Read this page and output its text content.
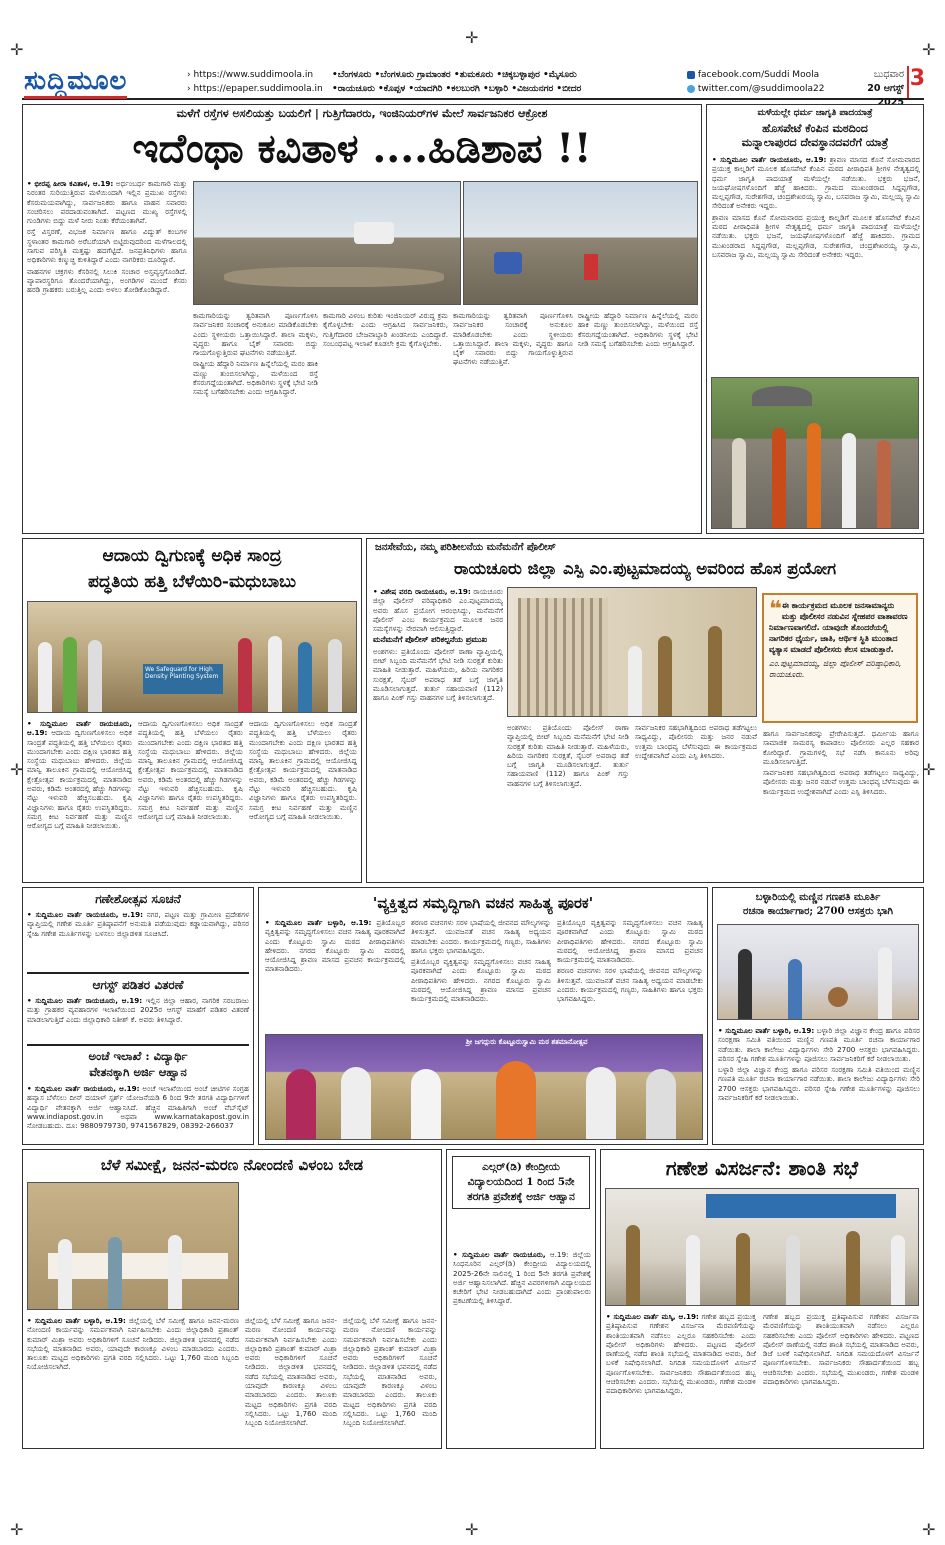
✛	✛
✛
✛	✛
✛	✛	✛
ಸುದ್ದಿಮೂಲ	› https://www.suddimoola.in
› https://epaper.suddimoola.in
•ಬೆಂಗಳೂರು •ಬೆಂಗಳೂರು ಗ್ರಾಮಾಂತರ •ತುಮಕೂರು •ಚಿಕ್ಕಬಳ್ಳಾಪುರ •ಮೈಸೂರು
•ರಾಯಚೂರು •ಕೊಪ್ಪಳ •ಯಾದಗಿರಿ •ಕಲಬುರಗಿ •ಬಳ್ಳಾರಿ •ವಿಜಯನಗರ •ಬೀದರ
facebook.com/Suddi Moola
twitter.com/@suddimoola22
ಬುಧವಾರ
20 ಆಗಸ್ಟ್ 2025
3
ಮಳೆಗೆ ರಸ್ತೆಗಳ ಅಸಲಿಯತ್ತು ಬಯಲಿಗೆ | ಗುತ್ತಿಗೆದಾರರು, ಇಂಜಿನಿಯರ್‌ಗಳ ಮೇಲೆ ಸಾರ್ವಜನಿಕರ ಆಕ್ರೋಶ
ಇದೆಂಥಾ ಕವಿತಾಳ ....ಹಿಡಿಶಾಪ !!

• ಭೀರಪ್ಪ ಹೀರಾ ಕವಿತಾಳ, ಆ.19: ಅರ್ಧಂಬರ್ಧ ಕಾಮಗಾರಿ ಮತ್ತು ನಿರಂತರ ಸುರಿಯುತ್ತಿರುವ ಮಳೆಯಿಂದಾಗಿ ಇಲ್ಲಿನ ಪ್ರಮುಖ ರಸ್ತೆಗಳು ಕೆಸರುಮಯವಾಗಿದ್ದು, ಸಾರ್ವಜನಿಕರು ಹಾಗೂ ವಾಹನ ಸವಾರರು ಸಂಚರಿಸಲು ಪರದಾಡುವಂತಾಗಿದೆ. ಪಟ್ಟಣದ ಮುಖ್ಯ ರಸ್ತೆಗಳಲ್ಲಿ ಗುಂಡಿಗಳು ಬಿದ್ದು ಮಳೆ ನೀರು ನಿಂತು ಕೆರೆಯಂತಾಗಿವೆ.

ರಸ್ತೆ ವಿಸ್ತರಣೆ, ವಿಭಜಕ ನಿರ್ಮಾಣ ಹಾಗೂ ವಿದ್ಯುತ್ ಕಂಬಗಳ ಸ್ಥಳಾಂತರ ಕಾಮಗಾರಿ ಅರೆಬರೆಯಾಗಿ ಬಿಟ್ಟಿರುವುದರಿಂದ ಮಳೆಗಾಲದಲ್ಲಿ ಸಾಗುವ ಪರಿಸ್ಥಿತಿ ಮತ್ತಷ್ಟು ಹದಗೆಟ್ಟಿದೆ. ಜನಪ್ರತಿನಿಧಿಗಳು ಹಾಗೂ ಅಧಿಕಾರಿಗಳು ಕಣ್ಮುಚ್ಚಿ ಕುಳಿತಿದ್ದಾರೆ ಎಂದು ನಾಗರಿಕರು ದೂರಿದ್ದಾರೆ.

ವಾಹನಗಳ ಚಕ್ರಗಳು ಕೆಸರಿನಲ್ಲಿ ಸಿಲುಕಿ ಸಂಚಾರ ಅಸ್ತವ್ಯಸ್ತಗೊಂಡಿದೆ. ವ್ಯಾಪಾರಸ್ಥರಿಗೂ ತೊಂದರೆಯಾಗಿದ್ದು, ಅಂಗಡಿಗಳ ಮುಂದೆ ಕೆಸರು ಹರಡಿ ಗ್ರಾಹಕರು ಬರುತ್ತಿಲ್ಲ ಎಂದು ಅಳಲು ತೋಡಿಕೊಂಡಿದ್ದಾರೆ.

ಕಾಮಗಾರಿಯನ್ನು ತ್ವರಿತವಾಗಿ ಪೂರ್ಣಗೊಳಿಸಿ ಸಾರ್ವಜನಿಕರ ಸಂಚಾರಕ್ಕೆ ಅನುಕೂಲ ಮಾಡಿಕೊಡಬೇಕು ಎಂದು ಸ್ಥಳೀಯರು ಒತ್ತಾಯಿಸಿದ್ದಾರೆ. ಶಾಲಾ ಮಕ್ಕಳು, ವೃದ್ಧರು ಹಾಗೂ ಬೈಕ್ ಸವಾರರು ಬಿದ್ದು ಗಾಯಗೊಳ್ಳುತ್ತಿರುವ ಘಟನೆಗಳು ನಡೆಯುತ್ತಿವೆ.

ರಾಷ್ಟ್ರೀಯ ಹೆದ್ದಾರಿ ನಿರ್ಮಾಣ ಹಿನ್ನೆಲೆಯಲ್ಲಿ ಮರಂ ಹಾಕಿ ಮಣ್ಣು ತುಂಬಿಸಲಾಗಿದ್ದು, ಮಳೆಯಿಂದ ರಸ್ತೆ ಕೆಸರುಗದ್ದೆಯಂತಾಗಿದೆ. ಅಧಿಕಾರಿಗಳು ಸ್ಥಳಕ್ಕೆ ಭೇಟಿ ನೀಡಿ ಸಮಸ್ಯೆ ಬಗೆಹರಿಸಬೇಕು ಎಂದು ಆಗ್ರಹಿಸಿದ್ದಾರೆ.

ಕಾಮಗಾರಿ ವಿಳಂಬ ಕುರಿತು ಇಂಜಿನಿಯರ್ ವಿರುದ್ಧ ಕ್ರಮ ಕೈಗೊಳ್ಳಬೇಕು ಎಂದು ಆಗ್ರಹಿಸಿದ ಸಾರ್ವಜನಿಕರು, ಗುತ್ತಿಗೆದಾರರ ಬೇಜವಾಬ್ದಾರಿ ಖಂಡನೀಯ ಎಂದಿದ್ದಾರೆ. ಸಂಬಂಧಪಟ್ಟ ಇಲಾಖೆ ಕೂಡಲೇ ಕ್ರಮ ಕೈಗೊಳ್ಳಬೇಕು.

ಕಾಮಗಾರಿಯನ್ನು ತ್ವರಿತವಾಗಿ ಪೂರ್ಣಗೊಳಿಸಿ ಸಾರ್ವಜನಿಕರ ಸಂಚಾರಕ್ಕೆ ಅನುಕೂಲ ಮಾಡಿಕೊಡಬೇಕು ಎಂದು ಸ್ಥಳೀಯರು ಒತ್ತಾಯಿಸಿದ್ದಾರೆ. ಶಾಲಾ ಮಕ್ಕಳು, ವೃದ್ಧರು ಹಾಗೂ ಬೈಕ್ ಸವಾರರು ಬಿದ್ದು ಗಾಯಗೊಳ್ಳುತ್ತಿರುವ ಘಟನೆಗಳು ನಡೆಯುತ್ತಿವೆ.

ರಾಷ್ಟ್ರೀಯ ಹೆದ್ದಾರಿ ನಿರ್ಮಾಣ ಹಿನ್ನೆಲೆಯಲ್ಲಿ ಮರಂ ಹಾಕಿ ಮಣ್ಣು ತುಂಬಿಸಲಾಗಿದ್ದು, ಮಳೆಯಿಂದ ರಸ್ತೆ ಕೆಸರುಗದ್ದೆಯಂತಾಗಿದೆ. ಅಧಿಕಾರಿಗಳು ಸ್ಥಳಕ್ಕೆ ಭೇಟಿ ನೀಡಿ ಸಮಸ್ಯೆ ಬಗೆಹರಿಸಬೇಕು ಎಂದು ಆಗ್ರಹಿಸಿದ್ದಾರೆ.

ಮಳೆಯಲ್ಲೇ ಧರ್ಮ ಜಾಗೃತಿ ಪಾದಯಾತ್ರೆ
ಹೊಸಪೇಟೆ ಕೆಂಪಿನ ಮಠದಿಂದ
ಮನ್ನಾಲಾಪುರದ ದೇವಸ್ಥಾನದವರೆಗೆ ಯಾತ್ರೆ

• ಸುದ್ದಿಮೂಲ ವಾರ್ತೆ ರಾಯಚೂರು, ಆ.19: ಶ್ರಾವಣ ಮಾಸದ ಕೊನೆ ಸೋಮವಾರದ ಪ್ರಯುಕ್ತ ಕಾಲ್ನಡಿಗೆ ಮೂಲಕ ಹೊಸಪೇಟೆ ಕೆಂಪಿನ ಮಠದ ಪೀಠಾಧಿಪತಿ ಶ್ರೀಗಳ ನೇತೃತ್ವದಲ್ಲಿ ಧರ್ಮ ಜಾಗೃತಿ ಪಾದಯಾತ್ರೆ ಮಳೆಯಲ್ಲೇ ನಡೆಯಿತು. ಭಕ್ತರು ಭಜನೆ, ಜಯಘೋಷಗಳೊಂದಿಗೆ ಹೆಜ್ಜೆ ಹಾಕಿದರು. ಗ್ರಾಮದ ಮುಖಂಡರಾದ ಸಿದ್ದಪ್ಪಗೌಡ, ಮಲ್ಲಪ್ಪಗೌಡ, ಸುರೇಶಗೌಡ, ಚಂದ್ರಶೇಖರಯ್ಯ ಸ್ವಾಮಿ, ಬಸವರಾಜ ಸ್ವಾಮಿ, ಮಲ್ಲಯ್ಯ ಸ್ವಾಮಿ ಸೇರಿದಂತೆ ಅನೇಕರು ಇದ್ದರು.

ಶ್ರಾವಣ ಮಾಸದ ಕೊನೆ ಸೋಮವಾರದ ಪ್ರಯುಕ್ತ ಕಾಲ್ನಡಿಗೆ ಮೂಲಕ ಹೊಸಪೇಟೆ ಕೆಂಪಿನ ಮಠದ ಪೀಠಾಧಿಪತಿ ಶ್ರೀಗಳ ನೇತೃತ್ವದಲ್ಲಿ ಧರ್ಮ ಜಾಗೃತಿ ಪಾದಯಾತ್ರೆ ಮಳೆಯಲ್ಲೇ ನಡೆಯಿತು. ಭಕ್ತರು ಭಜನೆ, ಜಯಘೋಷಗಳೊಂದಿಗೆ ಹೆಜ್ಜೆ ಹಾಕಿದರು. ಗ್ರಾಮದ ಮುಖಂಡರಾದ ಸಿದ್ದಪ್ಪಗೌಡ, ಮಲ್ಲಪ್ಪಗೌಡ, ಸುರೇಶಗೌಡ, ಚಂದ್ರಶೇಖರಯ್ಯ ಸ್ವಾಮಿ, ಬಸವರಾಜ ಸ್ವಾಮಿ, ಮಲ್ಲಯ್ಯ ಸ್ವಾಮಿ ಸೇರಿದಂತೆ ಅನೇಕರು ಇದ್ದರು.

ಆದಾಯ ದ್ವಿಗುಣಕ್ಕೆ ಅಧಿಕ ಸಾಂದ್ರ
ಪದ್ಧತಿಯ ಹತ್ತಿ ಬೆಳೆಯಿರಿ-ಮಧುಬಾಬು
We Safeguard for High Density Planting System

• ಸುದ್ದಿಮೂಲ ವಾರ್ತೆ ರಾಯಚೂರು, ಆ.19: ಆದಾಯ ದ್ವಿಗುಣಗೊಳಿಸಲು ಅಧಿಕ ಸಾಂದ್ರತೆ ಪದ್ಧತಿಯಲ್ಲಿ ಹತ್ತಿ ಬೆಳೆಯಲು ರೈತರು ಮುಂದಾಗಬೇಕು ಎಂದು ದಕ್ಷಿಣ ಭಾರತದ ಹತ್ತಿ ಸಂಸ್ಥೆಯ ಮಧುಬಾಬು ಹೇಳಿದರು. ಜಿಲ್ಲೆಯ ಮಾನ್ವಿ ತಾಲೂಕಿನ ಗ್ರಾಮದಲ್ಲಿ ಆಯೋಜಿಸಿದ್ದ ಕ್ಷೇತ್ರೋತ್ಸವ ಕಾರ್ಯಕ್ರಮದಲ್ಲಿ ಮಾತನಾಡಿದ ಅವರು, ಕಡಿಮೆ ಅಂತರದಲ್ಲಿ ಹೆಚ್ಚು ಗಿಡಗಳನ್ನು ನೆಟ್ಟು ಇಳುವರಿ ಹೆಚ್ಚಿಸಬಹುದು. ಕೃಷಿ ವಿಜ್ಞಾನಿಗಳು ಹಾಗೂ ರೈತರು ಉಪಸ್ಥಿತರಿದ್ದರು. ಸಮಗ್ರ ಕೀಟ ನಿರ್ವಹಣೆ ಮತ್ತು ಮಣ್ಣಿನ ಆರೋಗ್ಯದ ಬಗ್ಗೆ ಮಾಹಿತಿ ನೀಡಲಾಯಿತು.

ಆದಾಯ ದ್ವಿಗುಣಗೊಳಿಸಲು ಅಧಿಕ ಸಾಂದ್ರತೆ ಪದ್ಧತಿಯಲ್ಲಿ ಹತ್ತಿ ಬೆಳೆಯಲು ರೈತರು ಮುಂದಾಗಬೇಕು ಎಂದು ದಕ್ಷಿಣ ಭಾರತದ ಹತ್ತಿ ಸಂಸ್ಥೆಯ ಮಧುಬಾಬು ಹೇಳಿದರು. ಜಿಲ್ಲೆಯ ಮಾನ್ವಿ ತಾಲೂಕಿನ ಗ್ರಾಮದಲ್ಲಿ ಆಯೋಜಿಸಿದ್ದ ಕ್ಷೇತ್ರೋತ್ಸವ ಕಾರ್ಯಕ್ರಮದಲ್ಲಿ ಮಾತನಾಡಿದ ಅವರು, ಕಡಿಮೆ ಅಂತರದಲ್ಲಿ ಹೆಚ್ಚು ಗಿಡಗಳನ್ನು ನೆಟ್ಟು ಇಳುವರಿ ಹೆಚ್ಚಿಸಬಹುದು. ಕೃಷಿ ವಿಜ್ಞಾನಿಗಳು ಹಾಗೂ ರೈತರು ಉಪಸ್ಥಿತರಿದ್ದರು. ಸಮಗ್ರ ಕೀಟ ನಿರ್ವಹಣೆ ಮತ್ತು ಮಣ್ಣಿನ ಆರೋಗ್ಯದ ಬಗ್ಗೆ ಮಾಹಿತಿ ನೀಡಲಾಯಿತು.

ಆದಾಯ ದ್ವಿಗುಣಗೊಳಿಸಲು ಅಧಿಕ ಸಾಂದ್ರತೆ ಪದ್ಧತಿಯಲ್ಲಿ ಹತ್ತಿ ಬೆಳೆಯಲು ರೈತರು ಮುಂದಾಗಬೇಕು ಎಂದು ದಕ್ಷಿಣ ಭಾರತದ ಹತ್ತಿ ಸಂಸ್ಥೆಯ ಮಧುಬಾಬು ಹೇಳಿದರು. ಜಿಲ್ಲೆಯ ಮಾನ್ವಿ ತಾಲೂಕಿನ ಗ್ರಾಮದಲ್ಲಿ ಆಯೋಜಿಸಿದ್ದ ಕ್ಷೇತ್ರೋತ್ಸವ ಕಾರ್ಯಕ್ರಮದಲ್ಲಿ ಮಾತನಾಡಿದ ಅವರು, ಕಡಿಮೆ ಅಂತರದಲ್ಲಿ ಹೆಚ್ಚು ಗಿಡಗಳನ್ನು ನೆಟ್ಟು ಇಳುವರಿ ಹೆಚ್ಚಿಸಬಹುದು. ಕೃಷಿ ವಿಜ್ಞಾನಿಗಳು ಹಾಗೂ ರೈತರು ಉಪಸ್ಥಿತರಿದ್ದರು. ಸಮಗ್ರ ಕೀಟ ನಿರ್ವಹಣೆ ಮತ್ತು ಮಣ್ಣಿನ ಆರೋಗ್ಯದ ಬಗ್ಗೆ ಮಾಹಿತಿ ನೀಡಲಾಯಿತು.

ಜನಸೇವೆಯ, ನಮ್ಮ ಪರಿಶೀಲನೆಯ ಮನೆಮನೆಗೆ ಪೊಲೀಸ್
ರಾಯಚೂರು ಜಿಲ್ಲಾ ಎಸ್ಪಿ ಎಂ.ಪುಟ್ಟಮಾದಯ್ಯ ಅವರಿಂದ ಹೊಸ ಪ್ರಯೋಗ

• ವಿಶೇಷ ವರದಿ ರಾಯಚೂರು, ಆ.19: ರಾಯಚೂರು ಜಿಲ್ಲಾ ಪೊಲೀಸ್ ವರಿಷ್ಠಾಧಿಕಾರಿ ಎಂ.ಪುಟ್ಟಮಾದಯ್ಯ ಅವರು ಹೊಸ ಪ್ರಯೋಗ ಆರಂಭಿಸಿದ್ದು, ಮನೆಮನೆಗೆ ಪೊಲೀಸ್ ಎಂಬ ಕಾರ್ಯಕ್ರಮದ ಮೂಲಕ ಜನರ ಸಮಸ್ಯೆಗಳನ್ನು ನೇರವಾಗಿ ಆಲಿಸುತ್ತಿದ್ದಾರೆ.

ಮನೆಮನೆಗೆ ಪೊಲೀಸ್ ಪರಿಕಲ್ಪನೆಯ ಪ್ರಮುಖ

ಅಂಶಗಳು: ಪ್ರತಿಯೊಂದು ಪೊಲೀಸ್ ಠಾಣಾ ವ್ಯಾಪ್ತಿಯಲ್ಲಿ ಬೀಟ್ ಸಿಬ್ಬಂದಿ ಮನೆಮನೆಗೆ ಭೇಟಿ ನೀಡಿ ಸುರಕ್ಷತೆ ಕುರಿತು ಮಾಹಿತಿ ನೀಡುತ್ತಾರೆ. ಮಹಿಳೆಯರು, ಹಿರಿಯ ನಾಗರಿಕರ ಸುರಕ್ಷತೆ, ಸೈಬರ್ ಅಪರಾಧ ತಡೆ ಬಗ್ಗೆ ಜಾಗೃತಿ ಮೂಡಿಸಲಾಗುತ್ತದೆ. ತುರ್ತು ಸಹಾಯವಾಣಿ (112) ಹಾಗೂ ಪಿಂಕ್ ಗಸ್ತು ವಾಹನಗಳ ಬಗ್ಗೆ ತಿಳಿಸಲಾಗುತ್ತದೆ.

❝ ಈ ಕಾರ್ಯಕ್ರಮದ ಮೂಲಕ ಜನಸಾಮಾನ್ಯರು ಮತ್ತು ಪೊಲೀಸರ ನಡುವಿನ ಸ್ನೇಹಪರ ವಾತಾವರಣ ನಿರ್ಮಾಣವಾಗಲಿದೆ. ಯಾವುದೇ ತೊಂದರೆಯಲ್ಲಿ ನಾಗರಿಕರ ಧೈರ್ಯ, ಜಾತಿ, ಆರ್ಥಿಕ ಸ್ಥಿತಿ ಮುಂತಾದ ವ್ಯತ್ಯಾಸ ಮಾಡದೆ ಪೊಲೀಸರು ಕೆಲಸ ಮಾಡುತ್ತಾರೆ.
ಎಂ.ಪುಟ್ಟಮಾದಯ್ಯ, ಜಿಲ್ಲಾ ಪೊಲೀಸ್ ವರಿಷ್ಠಾಧಿಕಾರಿ, ರಾಯಚೂರು.

ಅಂಶಗಳು: ಪ್ರತಿಯೊಂದು ಪೊಲೀಸ್ ಠಾಣಾ ವ್ಯಾಪ್ತಿಯಲ್ಲಿ ಬೀಟ್ ಸಿಬ್ಬಂದಿ ಮನೆಮನೆಗೆ ಭೇಟಿ ನೀಡಿ ಸುರಕ್ಷತೆ ಕುರಿತು ಮಾಹಿತಿ ನೀಡುತ್ತಾರೆ. ಮಹಿಳೆಯರು, ಹಿರಿಯ ನಾಗರಿಕರ ಸುರಕ್ಷತೆ, ಸೈಬರ್ ಅಪರಾಧ ತಡೆ ಬಗ್ಗೆ ಜಾಗೃತಿ ಮೂಡಿಸಲಾಗುತ್ತದೆ. ತುರ್ತು ಸಹಾಯವಾಣಿ (112) ಹಾಗೂ ಪಿಂಕ್ ಗಸ್ತು ವಾಹನಗಳ ಬಗ್ಗೆ ತಿಳಿಸಲಾಗುತ್ತದೆ.

ಸಾರ್ವಜನಿಕರ ಸಹಭಾಗಿತ್ವದಿಂದ ಅಪರಾಧ ತಡೆಗಟ್ಟಲು ಸಾಧ್ಯವಿದ್ದು, ಪೊಲೀಸರು ಮತ್ತು ಜನರ ನಡುವೆ ಉತ್ತಮ ಬಾಂಧವ್ಯ ಬೆಳೆಸುವುದು ಈ ಕಾರ್ಯಕ್ರಮದ ಉದ್ದೇಶವಾಗಿದೆ ಎಂದು ಎಸ್ಪಿ ತಿಳಿಸಿದರು.

ಹಾಗೂ ಸಾರ್ವಜನಿಕರನ್ನು ಪ್ರೇರೇಪಿಸುತ್ತದೆ. ಧರ್ಮೀಯ ಹಾಗೂ ಸಾಮಾಜಿಕ ಸಾಮರಸ್ಯ ಕಾಪಾಡಲು ಪೊಲೀಸರು ಎಲ್ಲರ ಸಹಕಾರ ಕೋರಿದ್ದಾರೆ. ಗ್ರಾಮಗಳಲ್ಲಿ ಸಭೆ ನಡೆಸಿ ಕಾನೂನು ಅರಿವು ಮೂಡಿಸಲಾಗುತ್ತಿದೆ.

ಸಾರ್ವಜನಿಕರ ಸಹಭಾಗಿತ್ವದಿಂದ ಅಪರಾಧ ತಡೆಗಟ್ಟಲು ಸಾಧ್ಯವಿದ್ದು, ಪೊಲೀಸರು ಮತ್ತು ಜನರ ನಡುವೆ ಉತ್ತಮ ಬಾಂಧವ್ಯ ಬೆಳೆಸುವುದು ಈ ಕಾರ್ಯಕ್ರಮದ ಉದ್ದೇಶವಾಗಿದೆ ಎಂದು ಎಸ್ಪಿ ತಿಳಿಸಿದರು.

ಗಣೇಶೋತ್ಸವ ಸೂಚನೆ

• ಸುದ್ದಿಮೂಲ ವಾರ್ತೆ ರಾಯಚೂರು, ಆ.19: ನಗರ, ಪಟ್ಟಣ ಮತ್ತು ಗ್ರಾಮೀಣ ಪ್ರದೇಶಗಳ ವ್ಯಾಪ್ತಿಯಲ್ಲಿ ಗಣೇಶ ಮೂರ್ತಿ ಪ್ರತಿಷ್ಠಾಪನೆಗೆ ಅನುಮತಿ ಪಡೆಯುವುದು ಕಡ್ಡಾಯವಾಗಿದ್ದು, ಪರಿಸರ ಸ್ನೇಹಿ ಗಣೇಶ ಮೂರ್ತಿಗಳನ್ನು ಬಳಸಲು ಜಿಲ್ಲಾಡಳಿತ ಸೂಚಿಸಿದೆ.

ಆಗಸ್ಟ್ ಪಡಿತರ ವಿತರಣೆ

• ಸುದ್ದಿಮೂಲ ವಾರ್ತೆ ರಾಯಚೂರು, ಆ.19: ಇಲ್ಲಿನ ಜಿಲ್ಲಾ ಆಹಾರ, ನಾಗರಿಕ ಸರಬರಾಜು ಮತ್ತು ಗ್ರಾಹಕರ ವ್ಯವಹಾರಗಳ ಇಲಾಖೆಯಿಂದ 2025ರ ಆಗಸ್ಟ್ ಮಾಹೆಗೆ ಪಡಿತರ ವಿತರಣೆ ಮಾಡಲಾಗುತ್ತಿದೆ ಎಂದು ಜಿಲ್ಲಾಧಿಕಾರಿ ನಿತೀಶ್ ಕೆ. ಅವರು ತಿಳಿಸಿದ್ದಾರೆ.

ಅಂಚೆ ಇಲಾಖೆ : ವಿದ್ಯಾರ್ಥಿ
ವೇತನಕ್ಕಾಗಿ ಅರ್ಜಿ ಆಹ್ವಾನ

• ಸುದ್ದಿಮೂಲ ವಾರ್ತೆ ರಾಯಚೂರು, ಆ.19: ಅಂಚೆ ಇಲಾಖೆಯಿಂದ ಅಂಚೆ ಚೀಟಿಗಳ ಸಂಗ್ರಹ ಹವ್ಯಾಸ ಬೆಳೆಸಲು ದೀನ್ ದಯಾಳ್ ಸ್ಪರ್ಶ್ ಯೋಜನೆಯಡಿ 6 ರಿಂದ 9ನೇ ತರಗತಿ ವಿದ್ಯಾರ್ಥಿಗಳಿಗೆ ವಿದ್ಯಾರ್ಥಿ ವೇತನಕ್ಕಾಗಿ ಅರ್ಜಿ ಆಹ್ವಾನಿಸಿದೆ. ಹೆಚ್ಚಿನ ಮಾಹಿತಿಗಾಗಿ ಅಂಚೆ ವೆಬ್‌ಸೈಟ್ www.indiapost.gov.in ಅಥವಾ www.karnatakapost.gov.in ನೋಡಬಹುದು. ದೂ: 9880979730, 9741567829, 08392-266037

'ವ್ಯಕ್ತಿತ್ವದ ಸಮೃದ್ಧಿಗಾಗಿ ವಚನ ಸಾಹಿತ್ಯ ಪೂರಕ'

• ಸುದ್ದಿಮೂಲ ವಾರ್ತೆ ಬಳ್ಳಾರಿ, ಆ.19: ಪ್ರತಿಯೊಬ್ಬರ ವ್ಯಕ್ತಿತ್ವವನ್ನು ಸಮೃದ್ಧಗೊಳಿಸಲು ವಚನ ಸಾಹಿತ್ಯ ಪೂರಕವಾಗಿದೆ ಎಂದು ಕೊಟ್ಟೂರು ಸ್ವಾಮಿ ಮಠದ ಪೀಠಾಧಿಪತಿಗಳು ಹೇಳಿದರು. ನಗರದ ಕೊಟ್ಟೂರು ಸ್ವಾಮಿ ಮಠದಲ್ಲಿ ಆಯೋಜಿಸಿದ್ದ ಶ್ರಾವಣ ಮಾಸದ ಪ್ರವಚನ ಕಾರ್ಯಕ್ರಮದಲ್ಲಿ ಮಾತನಾಡಿದರು.

ಶರಣರ ವಚನಗಳು ಸರಳ ಭಾಷೆಯಲ್ಲಿ ಜೀವನದ ಮೌಲ್ಯಗಳನ್ನು ತಿಳಿಸುತ್ತವೆ. ಯುವಜನತೆ ವಚನ ಸಾಹಿತ್ಯ ಅಧ್ಯಯನ ಮಾಡಬೇಕು ಎಂದರು. ಕಾರ್ಯಕ್ರಮದಲ್ಲಿ ಗಣ್ಯರು, ಸಾಹಿತಿಗಳು ಹಾಗೂ ಭಕ್ತರು ಭಾಗವಹಿಸಿದ್ದರು.

ಪ್ರತಿಯೊಬ್ಬರ ವ್ಯಕ್ತಿತ್ವವನ್ನು ಸಮೃದ್ಧಗೊಳಿಸಲು ವಚನ ಸಾಹಿತ್ಯ ಪೂರಕವಾಗಿದೆ ಎಂದು ಕೊಟ್ಟೂರು ಸ್ವಾಮಿ ಮಠದ ಪೀಠಾಧಿಪತಿಗಳು ಹೇಳಿದರು. ನಗರದ ಕೊಟ್ಟೂರು ಸ್ವಾಮಿ ಮಠದಲ್ಲಿ ಆಯೋಜಿಸಿದ್ದ ಶ್ರಾವಣ ಮಾಸದ ಪ್ರವಚನ ಕಾರ್ಯಕ್ರಮದಲ್ಲಿ ಮಾತನಾಡಿದರು.

ಪ್ರತಿಯೊಬ್ಬರ ವ್ಯಕ್ತಿತ್ವವನ್ನು ಸಮೃದ್ಧಗೊಳಿಸಲು ವಚನ ಸಾಹಿತ್ಯ ಪೂರಕವಾಗಿದೆ ಎಂದು ಕೊಟ್ಟೂರು ಸ್ವಾಮಿ ಮಠದ ಪೀಠಾಧಿಪತಿಗಳು ಹೇಳಿದರು. ನಗರದ ಕೊಟ್ಟೂರು ಸ್ವಾಮಿ ಮಠದಲ್ಲಿ ಆಯೋಜಿಸಿದ್ದ ಶ್ರಾವಣ ಮಾಸದ ಪ್ರವಚನ ಕಾರ್ಯಕ್ರಮದಲ್ಲಿ ಮಾತನಾಡಿದರು.

ಶರಣರ ವಚನಗಳು ಸರಳ ಭಾಷೆಯಲ್ಲಿ ಜೀವನದ ಮೌಲ್ಯಗಳನ್ನು ತಿಳಿಸುತ್ತವೆ. ಯುವಜನತೆ ವಚನ ಸಾಹಿತ್ಯ ಅಧ್ಯಯನ ಮಾಡಬೇಕು ಎಂದರು. ಕಾರ್ಯಕ್ರಮದಲ್ಲಿ ಗಣ್ಯರು, ಸಾಹಿತಿಗಳು ಹಾಗೂ ಭಕ್ತರು ಭಾಗವಹಿಸಿದ್ದರು.

ಶ್ರೀ ಜಗದ್ಗುರು ಕೊಟ್ಟೂರುಸ್ವಾಮಿ ಮಠ ಶತಮಾನೋತ್ಸವ
ಬಳ್ಳಾರಿಯಲ್ಲಿ ಮಣ್ಣಿನ ಗಣಪತಿ ಮೂರ್ತಿ
ರಚನಾ ಕಾರ್ಯಾಗಾರ; 2700 ಆಸಕ್ತರು ಭಾಗಿ

• ಸುದ್ದಿಮೂಲ ವಾರ್ತೆ ಬಳ್ಳಾರಿ, ಆ.19: ಬಳ್ಳಾರಿ ಜಿಲ್ಲಾ ವಿಜ್ಞಾನ ಕೇಂದ್ರ ಹಾಗೂ ಪರಿಸರ ಸಂರಕ್ಷಣಾ ಸಮಿತಿ ವತಿಯಿಂದ ಮಣ್ಣಿನ ಗಣಪತಿ ಮೂರ್ತಿ ರಚನಾ ಕಾರ್ಯಾಗಾರ ನಡೆಯಿತು. ಶಾಲಾ ಕಾಲೇಜು ವಿದ್ಯಾರ್ಥಿಗಳು ಸೇರಿ 2700 ಆಸಕ್ತರು ಭಾಗವಹಿಸಿದ್ದರು. ಪರಿಸರ ಸ್ನೇಹಿ ಗಣೇಶ ಮೂರ್ತಿಗಳನ್ನು ಪೂಜಿಸಲು ಸಾರ್ವಜನಿಕರಿಗೆ ಕರೆ ನೀಡಲಾಯಿತು.

ಬಳ್ಳಾರಿ ಜಿಲ್ಲಾ ವಿಜ್ಞಾನ ಕೇಂದ್ರ ಹಾಗೂ ಪರಿಸರ ಸಂರಕ್ಷಣಾ ಸಮಿತಿ ವತಿಯಿಂದ ಮಣ್ಣಿನ ಗಣಪತಿ ಮೂರ್ತಿ ರಚನಾ ಕಾರ್ಯಾಗಾರ ನಡೆಯಿತು. ಶಾಲಾ ಕಾಲೇಜು ವಿದ್ಯಾರ್ಥಿಗಳು ಸೇರಿ 2700 ಆಸಕ್ತರು ಭಾಗವಹಿಸಿದ್ದರು. ಪರಿಸರ ಸ್ನೇಹಿ ಗಣೇಶ ಮೂರ್ತಿಗಳನ್ನು ಪೂಜಿಸಲು ಸಾರ್ವಜನಿಕರಿಗೆ ಕರೆ ನೀಡಲಾಯಿತು.

ಬೆಳೆ ಸಮೀಕ್ಷೆ, ಜನನ-ಮರಣ ನೋಂದಣಿ ವಿಳಂಬ ಬೇಡ

• ಸುದ್ದಿಮೂಲ ವಾರ್ತೆ ಬಳ್ಳಾರಿ, ಆ.19: ಜಿಲ್ಲೆಯಲ್ಲಿ ಬೆಳೆ ಸಮೀಕ್ಷೆ ಹಾಗೂ ಜನನ-ಮರಣ ನೋಂದಣಿ ಕಾರ್ಯವನ್ನು ಸಮರ್ಪಕವಾಗಿ ನಿರ್ವಹಿಸಬೇಕು ಎಂದು ಜಿಲ್ಲಾಧಿಕಾರಿ ಪ್ರಶಾಂತ್ ಕುಮಾರ್ ಮಿಶ್ರಾ ಅವರು ಅಧಿಕಾರಿಗಳಿಗೆ ಸೂಚನೆ ನೀಡಿದರು. ಜಿಲ್ಲಾಡಳಿತ ಭವನದಲ್ಲಿ ನಡೆದ ಸಭೆಯಲ್ಲಿ ಮಾತನಾಡಿದ ಅವರು, ಯಾವುದೇ ಕಾರಣಕ್ಕೂ ವಿಳಂಬ ಮಾಡಬಾರದು ಎಂದರು. ತಾಲೂಕು ಮಟ್ಟದ ಅಧಿಕಾರಿಗಳು ಪ್ರಗತಿ ವರದಿ ಸಲ್ಲಿಸಿದರು. ಒಟ್ಟು 1,760 ಮಂದಿ ಸಿಬ್ಬಂದಿ ನಿಯೋಜಿಸಲಾಗಿದೆ.

ಜಿಲ್ಲೆಯಲ್ಲಿ ಬೆಳೆ ಸಮೀಕ್ಷೆ ಹಾಗೂ ಜನನ-ಮರಣ ನೋಂದಣಿ ಕಾರ್ಯವನ್ನು ಸಮರ್ಪಕವಾಗಿ ನಿರ್ವಹಿಸಬೇಕು ಎಂದು ಜಿಲ್ಲಾಧಿಕಾರಿ ಪ್ರಶಾಂತ್ ಕುಮಾರ್ ಮಿಶ್ರಾ ಅವರು ಅಧಿಕಾರಿಗಳಿಗೆ ಸೂಚನೆ ನೀಡಿದರು. ಜಿಲ್ಲಾಡಳಿತ ಭವನದಲ್ಲಿ ನಡೆದ ಸಭೆಯಲ್ಲಿ ಮಾತನಾಡಿದ ಅವರು, ಯಾವುದೇ ಕಾರಣಕ್ಕೂ ವಿಳಂಬ ಮಾಡಬಾರದು ಎಂದರು. ತಾಲೂಕು ಮಟ್ಟದ ಅಧಿಕಾರಿಗಳು ಪ್ರಗತಿ ವರದಿ ಸಲ್ಲಿಸಿದರು. ಒಟ್ಟು 1,760 ಮಂದಿ ಸಿಬ್ಬಂದಿ ನಿಯೋಜಿಸಲಾಗಿದೆ.

ಜಿಲ್ಲೆಯಲ್ಲಿ ಬೆಳೆ ಸಮೀಕ್ಷೆ ಹಾಗೂ ಜನನ-ಮರಣ ನೋಂದಣಿ ಕಾರ್ಯವನ್ನು ಸಮರ್ಪಕವಾಗಿ ನಿರ್ವಹಿಸಬೇಕು ಎಂದು ಜಿಲ್ಲಾಧಿಕಾರಿ ಪ್ರಶಾಂತ್ ಕುಮಾರ್ ಮಿಶ್ರಾ ಅವರು ಅಧಿಕಾರಿಗಳಿಗೆ ಸೂಚನೆ ನೀಡಿದರು. ಜಿಲ್ಲಾಡಳಿತ ಭವನದಲ್ಲಿ ನಡೆದ ಸಭೆಯಲ್ಲಿ ಮಾತನಾಡಿದ ಅವರು, ಯಾವುದೇ ಕಾರಣಕ್ಕೂ ವಿಳಂಬ ಮಾಡಬಾರದು ಎಂದರು. ತಾಲೂಕು ಮಟ್ಟದ ಅಧಿಕಾರಿಗಳು ಪ್ರಗತಿ ವರದಿ ಸಲ್ಲಿಸಿದರು. ಒಟ್ಟು 1,760 ಮಂದಿ ಸಿಬ್ಬಂದಿ ನಿಯೋಜಿಸಲಾಗಿದೆ.

ಎಲ್ಗರ್(ಡಿ) ಕೇಂದ್ರೀಯ ವಿದ್ಯಾಲಯದಿಂದ 1 ರಿಂದ 5ನೇ ತರಗತಿ ಪ್ರವೇಶಕ್ಕೆ ಅರ್ಜಿ ಆಹ್ವಾನ

• ಸುದ್ದಿಮೂಲ ವಾರ್ತೆ ರಾಯಚೂರು, ಆ.19: ಜಿಲ್ಲೆಯ ಸಿಂಧನೂರಿನ ಎಲ್ಗರ್(ಡಿ) ಕೇಂದ್ರೀಯ ವಿದ್ಯಾಲಯದಲ್ಲಿ 2025-26ನೇ ಸಾಲಿನಲ್ಲಿ 1 ರಿಂದ 5ನೇ ತರಗತಿ ಪ್ರವೇಶಕ್ಕೆ ಅರ್ಜಿ ಆಹ್ವಾನಿಸಲಾಗಿದೆ. ಹೆಚ್ಚಿನ ವಿವರಗಳಿಗಾಗಿ ವಿದ್ಯಾಲಯದ ಕಚೇರಿಗೆ ಭೇಟಿ ನೀಡಬಹುದಾಗಿದೆ ಎಂದು ಪ್ರಾಂಶುಪಾಲರು ಪ್ರಕಟಣೆಯಲ್ಲಿ ತಿಳಿಸಿದ್ದಾರೆ.

ಗಣೇಶ ವಿಸರ್ಜನೆ: ಶಾಂತಿ ಸಭೆ

• ಸುದ್ದಿಮೂಲ ವಾರ್ತೆ ಮಸ್ಕಿ, ಆ.19: ಗಣೇಶ ಹಬ್ಬದ ಪ್ರಯುಕ್ತ ಪ್ರತಿಷ್ಠಾಪಿಸುವ ಗಣೇಶನ ವಿಸರ್ಜನಾ ಮೆರವಣಿಗೆಯನ್ನು ಶಾಂತಿಯುತವಾಗಿ ನಡೆಸಲು ಎಲ್ಲರೂ ಸಹಕರಿಸಬೇಕು ಎಂದು ಪೊಲೀಸ್ ಅಧಿಕಾರಿಗಳು ಹೇಳಿದರು. ಪಟ್ಟಣದ ಪೊಲೀಸ್ ಠಾಣೆಯಲ್ಲಿ ನಡೆದ ಶಾಂತಿ ಸಭೆಯಲ್ಲಿ ಮಾತನಾಡಿದ ಅವರು, ಡಿಜೆ ಬಳಕೆ ನಿಷೇಧಿಸಲಾಗಿದೆ. ನಿಗದಿತ ಸಮಯದೊಳಗೆ ವಿಸರ್ಜನೆ ಪೂರ್ಣಗೊಳಿಸಬೇಕು. ಸಾರ್ವಜನಿಕರು ಸೌಹಾರ್ದತೆಯಿಂದ ಹಬ್ಬ ಆಚರಿಸಬೇಕು ಎಂದರು. ಸಭೆಯಲ್ಲಿ ಮುಖಂಡರು, ಗಣೇಶ ಮಂಡಳಿ ಪದಾಧಿಕಾರಿಗಳು ಭಾಗವಹಿಸಿದ್ದರು.

ಗಣೇಶ ಹಬ್ಬದ ಪ್ರಯುಕ್ತ ಪ್ರತಿಷ್ಠಾಪಿಸುವ ಗಣೇಶನ ವಿಸರ್ಜನಾ ಮೆರವಣಿಗೆಯನ್ನು ಶಾಂತಿಯುತವಾಗಿ ನಡೆಸಲು ಎಲ್ಲರೂ ಸಹಕರಿಸಬೇಕು ಎಂದು ಪೊಲೀಸ್ ಅಧಿಕಾರಿಗಳು ಹೇಳಿದರು. ಪಟ್ಟಣದ ಪೊಲೀಸ್ ಠಾಣೆಯಲ್ಲಿ ನಡೆದ ಶಾಂತಿ ಸಭೆಯಲ್ಲಿ ಮಾತನಾಡಿದ ಅವರು, ಡಿಜೆ ಬಳಕೆ ನಿಷೇಧಿಸಲಾಗಿದೆ. ನಿಗದಿತ ಸಮಯದೊಳಗೆ ವಿಸರ್ಜನೆ ಪೂರ್ಣಗೊಳಿಸಬೇಕು. ಸಾರ್ವಜನಿಕರು ಸೌಹಾರ್ದತೆಯಿಂದ ಹಬ್ಬ ಆಚರಿಸಬೇಕು ಎಂದರು. ಸಭೆಯಲ್ಲಿ ಮುಖಂಡರು, ಗಣೇಶ ಮಂಡಳಿ ಪದಾಧಿಕಾರಿಗಳು ಭಾಗವಹಿಸಿದ್ದರು.
